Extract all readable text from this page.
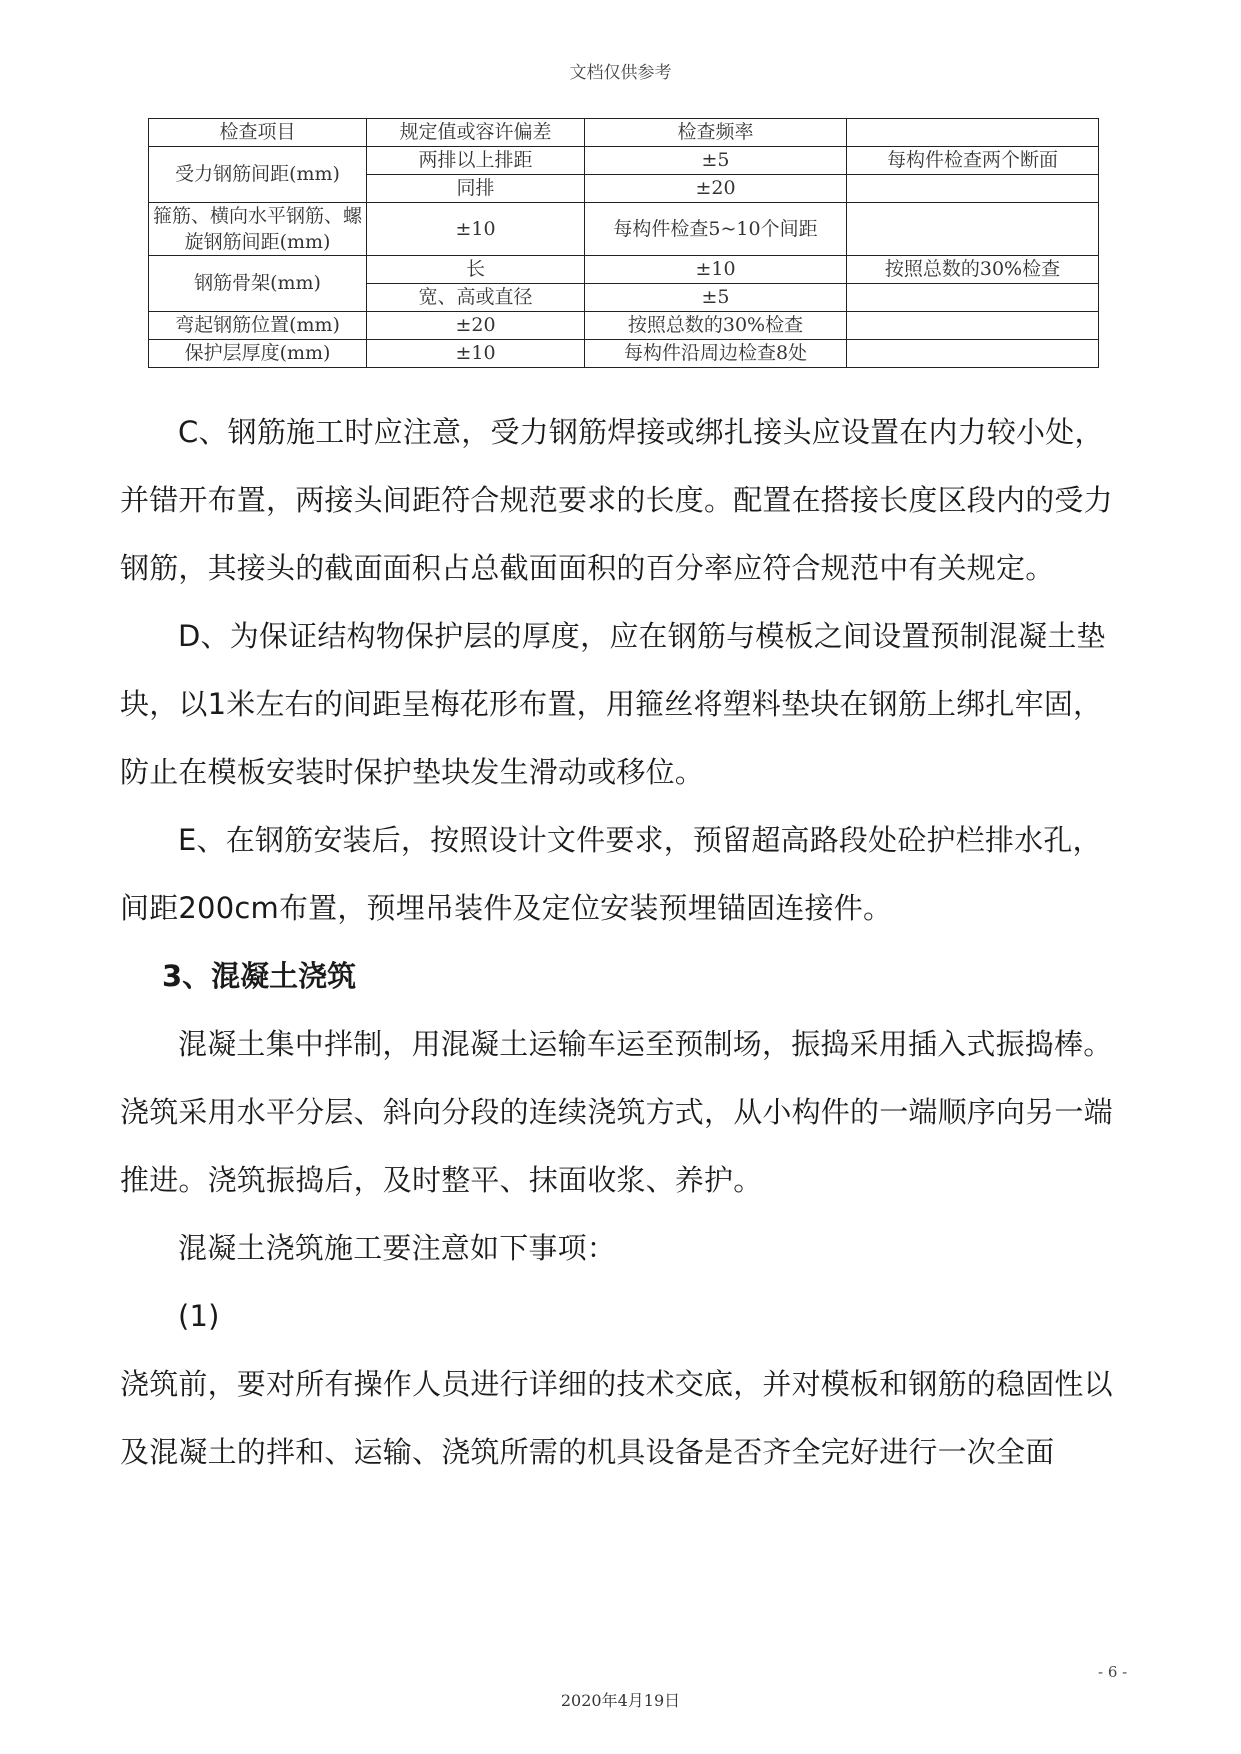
文档仅供参考
检查项目	规定值或容许偏差	检查频率	
受力钢筋间距(mm)	两排以上排距	±5	每构件检查两个断面
	同排	±20	
箍筋、横向水平钢筋、螺旋钢筋间距(mm)	±10	每构件检查5~10个间距	
钢筋骨架(mm)	长	±10	按照总数的30%检查
	宽、高或直径	±5	
弯起钢筋位置(mm)	±20	按照总数的30%检查	
保护层厚度(mm)	±10	每构件沿周边检查8处	

C、钢筋施工时应注意，受力钢筋焊接或绑扎接头应设置在内力较小处，并错开布置，两接头间距符合规范要求的长度。配置在搭接长度区段内的受力钢筋，其接头的截面面积占总截面面积的百分率应符合规范中有关规定。

D、为保证结构物保护层的厚度，应在钢筋与模板之间设置预制混凝土垫块，以1米左右的间距呈梅花形布置，用箍丝将塑料垫块在钢筋上绑扎牢固，防止在模板安装时保护垫块发生滑动或移位。

E、在钢筋安装后，按照设计文件要求，预留超高路段处砼护栏排水孔，间距200cm布置，预埋吊装件及定位安装预埋锚固连接件。

3、混凝土浇筑

混凝土集中拌制，用混凝土运输车运至预制场，振捣采用插入式振捣棒。浇筑采用水平分层、斜向分段的连续浇筑方式，从小构件的一端顺序向另一端推进。浇筑振捣后，及时整平、抹面收浆、养护。

混凝土浇筑施工要注意如下事项：

(1)

浇筑前，要对所有操作人员进行详细的技术交底，并对模板和钢筋的稳固性以及混凝土的拌和、运输、浇筑所需的机具设备是否齐全完好进行一次全面

- 6 -
2020年4月19日
